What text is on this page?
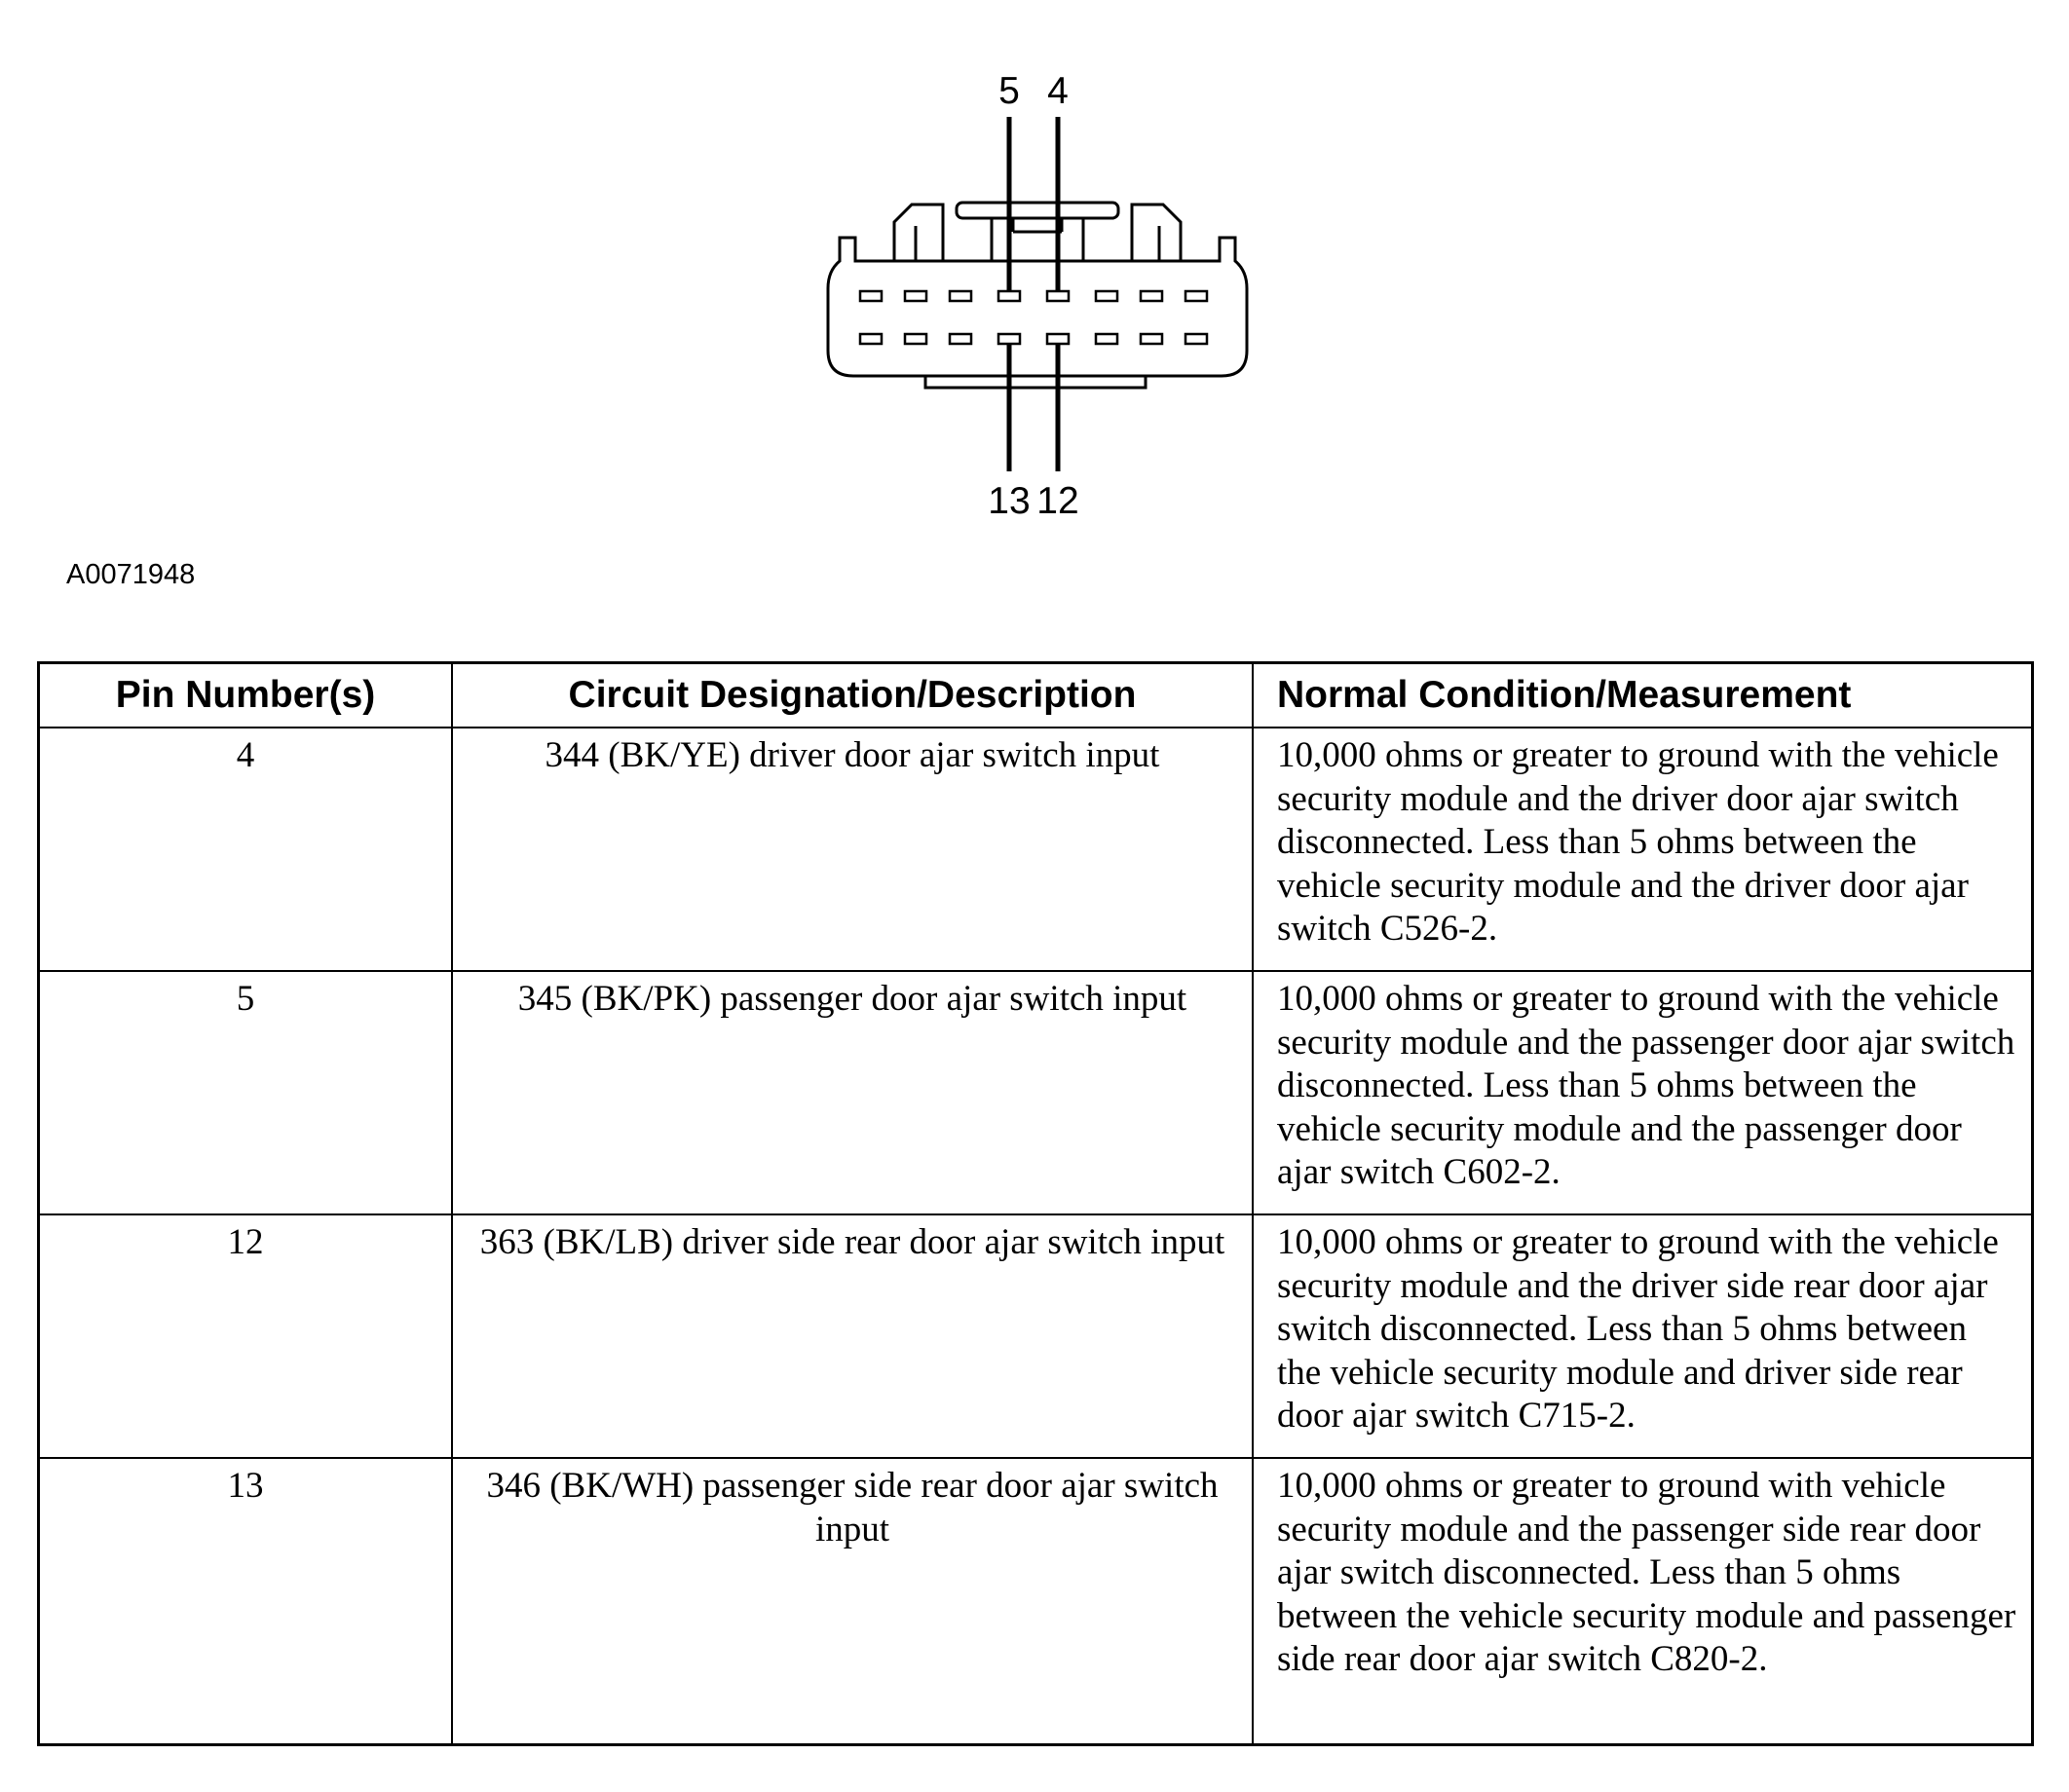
5 4
13 12
A0071948
Pin Number(s)	Circuit Designation/Description	Normal Condition/Measurement
4	344 (BK/YE) driver door ajar switch input	10,000 ohms or greater to ground with the vehicle security module and the driver door ajar switch disconnected. Less than 5 ohms between the vehicle security module and the driver door ajar switch C526-2.
5	345 (BK/PK) passenger door ajar switch input	10,000 ohms or greater to ground with the vehicle security module and the passenger door ajar switch disconnected. Less than 5 ohms between the vehicle security module and the passenger door ajar switch C602-2.
12	363 (BK/LB) driver side rear door ajar switch input	10,000 ohms or greater to ground with the vehicle security module and the driver side rear door ajar switch disconnected. Less than 5 ohms between the vehicle security module and driver side rear door ajar switch C715-2.
13	346 (BK/WH) passenger side rear door ajar switch input	10,000 ohms or greater to ground with vehicle security module and the passenger side rear door ajar switch disconnected. Less than 5 ohms between the vehicle security module and passenger side rear door ajar switch C820-2.
